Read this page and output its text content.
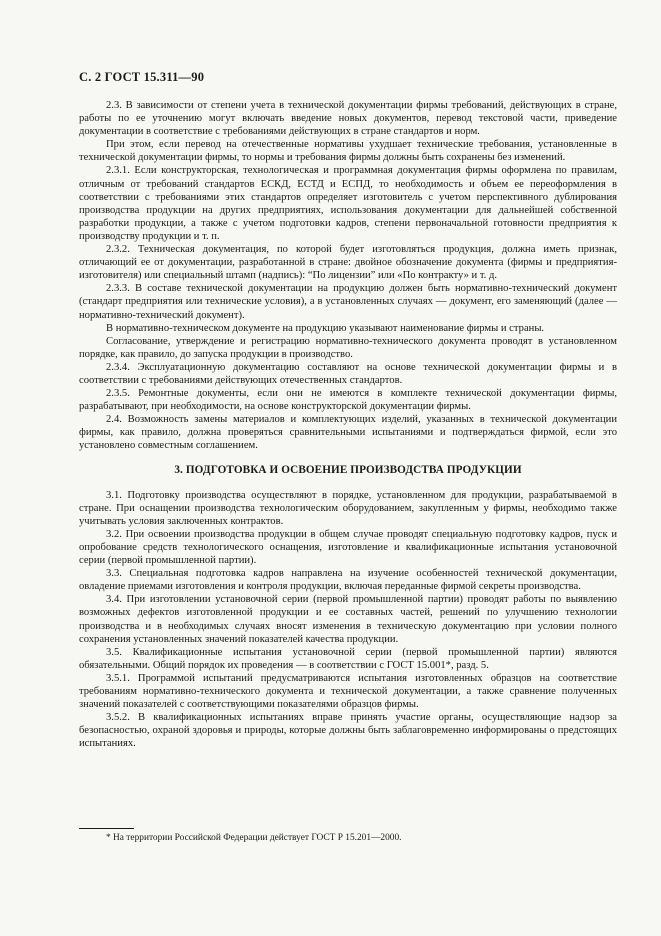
С. 2 ГОСТ 15.311—90

2.3. В зависимости от степени учета в технической документации фирмы требований, действующих в стране, работы по ее уточнению могут включать введение новых документов, перевод текстовой части, приведение документации в соответствие с требованиями действующих в стране стандартов и норм.

При этом, если перевод на отечественные нормативы ухудшает технические требования, установленные в технической документации фирмы, то нормы и требования фирмы должны быть сохранены без изменений.

2.3.1. Если конструкторская, технологическая и программная документация фирмы оформлена по правилам, отличным от требований стандартов ЕСКД, ЕСТД и ЕСПД, то необходимость и объем ее переоформления в соответствии с требованиями этих стандартов определяет изготовитель с учетом перспективного дублирования производства продукции на других предприятиях, использования документации для дальнейшей собственной разработки продукции, а также с учетом подготовки кадров, степени первоначальной готовности предприятия к производству продукции и т. п.

2.3.2. Техническая документация, по которой будет изготовляться продукция, должна иметь признак, отличающий ее от документации, разработанной в стране: двойное обозначение документа (фирмы и предприятия-изготовителя) или специальный штамп (надпись): “По лицензии” или «По контракту» и т. д.

2.3.3. В составе технической документации на продукцию должен быть нормативно-технический документ (стандарт предприятия или технические условия), а в установленных случаях — документ, его заменяющий (далее — нормативно-технический документ).

В нормативно-техническом документе на продукцию указывают наименование фирмы и страны.

Согласование, утверждение и регистрацию нормативно-технического документа проводят в установленном порядке, как правило, до запуска продукции в производство.

2.3.4. Эксплуатационную документацию составляют на основе технической документации фирмы и в соответствии с требованиями действующих отечественных стандартов.

2.3.5. Ремонтные документы, если они не имеются в комплекте технической документации фирмы, разрабатывают, при необходимости, на основе конструкторской документации фирмы.

2.4. Возможность замены материалов и комплектующих изделий, указанных в технической документации фирмы, как правило, должна проверяться сравнительными испытаниями и подтверждаться фирмой, если это установлено совместным соглашением.

3. ПОДГОТОВКА И ОСВОЕНИЕ ПРОИЗВОДСТВА ПРОДУКЦИИ

3.1. Подготовку производства осуществляют в порядке, установленном для продукции, разрабатываемой в стране. При оснащении производства технологическим оборудованием, закупленным у фирмы, необходимо также учитывать условия заключенных контрактов.

3.2. При освоении производства продукции в общем случае проводят специальную подготовку кадров, пуск и опробование средств технологического оснащения, изготовление и квалификационные испытания установочной серии (первой промышленной партии).

3.3. Специальная подготовка кадров направлена на изучение особенностей технической документации, овладение приемами изготовления и контроля продукции, включая переданные фирмой секреты производства.

3.4. При изготовлении установочной серии (первой промышленной партии) проводят работы по выявлению возможных дефектов изготовленной продукции и ее составных частей, решений по улучшению технологии производства и в необходимых случаях вносят изменения в техническую документацию при условии полного сохранения установленных значений показателей качества продукции.

3.5. Квалификационные испытания установочной серии (первой промышленной партии) являются обязательными. Общий порядок их проведения — в соответствии с ГОСТ 15.001*, разд. 5.

3.5.1. Программой испытаний предусматриваются испытания изготовленных образцов на соответствие требованиям нормативно-технического документа и технической документации, а также сравнение полученных значений показателей с соответствующими показателями образцов фирмы.

3.5.2. В квалификационных испытаниях вправе принять участие органы, осуществляющие надзор за безопасностью, охраной здоровья и природы, которые должны быть заблаговременно информированы о предстоящих испытаниях.

* На территории Российской Федерации действует ГОСТ Р 15.201—2000.
